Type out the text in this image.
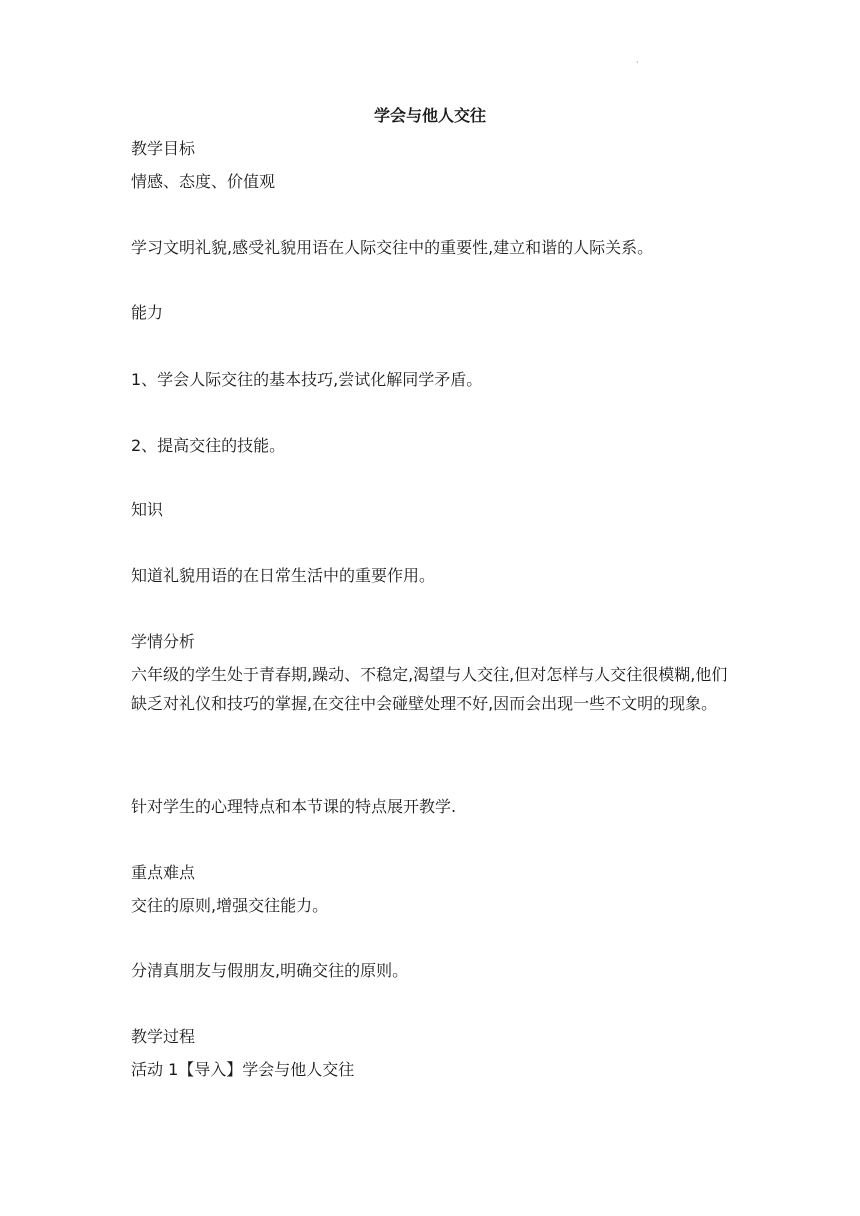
·
学会与他人交往
教学目标
情感、态度、价值观
学习文明礼貌,感受礼貌用语在人际交往中的重要性,建立和谐的人际关系。
能力
1、学会人际交往的基本技巧,尝试化解同学矛盾。
2、提高交往的技能。
知识
知道礼貌用语的在日常生活中的重要作用。
学情分析
六年级的学生处于青春期,躁动、不稳定,渴望与人交往,但对怎样与人交往很模糊,他们缺乏对礼仪和技巧的掌握,在交往中会碰壁处理不好,因而会出现一些不文明的现象。
针对学生的心理特点和本节课的特点展开教学.
重点难点
交往的原则,增强交往能力。
分清真朋友与假朋友,明确交往的原则。
教学过程
活动 1【导入】学会与他人交往
